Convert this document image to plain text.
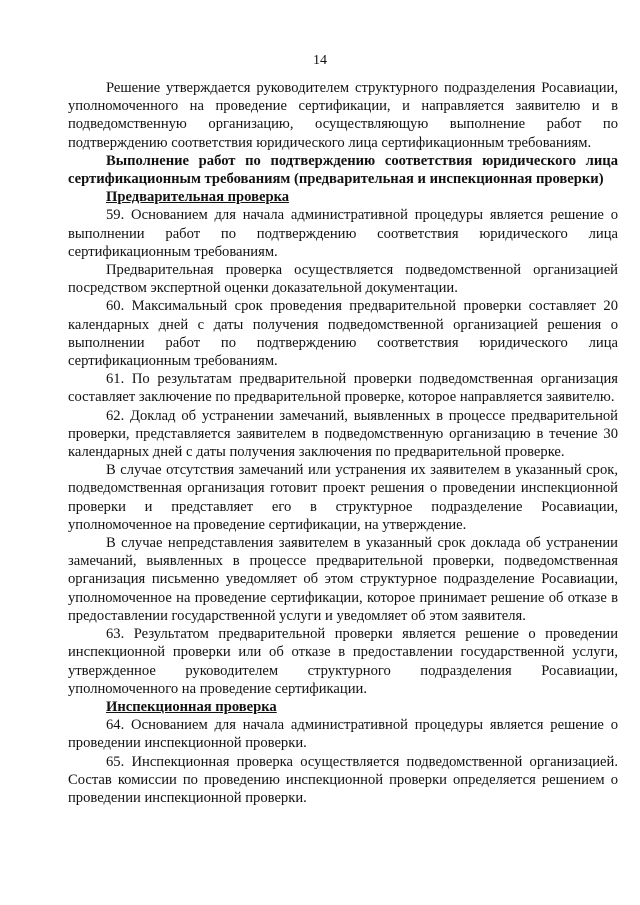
14

Решение утверждается руководителем структурного подразделения Росавиации, уполномоченного на проведение сертификации, и направляется заявителю и в подведомственную организацию, осуществляющую выполнение работ по подтверждению соответствия юридического лица сертификационным требованиям.

Выполнение работ по подтверждению соответствия юридического лица сертификационным требованиям (предварительная и инспекционная проверки)

Предварительная проверка

59. Основанием для начала административной процедуры является решение о выполнении работ по подтверждению соответствия юридического лица сертификационным требованиям.

Предварительная проверка осуществляется подведомственной организацией посредством экспертной оценки доказательной документации.

60. Максимальный срок проведения предварительной проверки составляет 20 календарных дней с даты получения подведомственной организацией решения о выполнении работ по подтверждению соответствия юридического лица сертификационным требованиям.

61. По результатам предварительной проверки подведомственная организация составляет заключение по предварительной проверке, которое направляется заявителю.

62. Доклад об устранении замечаний, выявленных в процессе предварительной проверки, представляется заявителем в подведомственную организацию в течение 30 календарных дней с даты получения заключения по предварительной проверке.

В случае отсутствия замечаний или устранения их заявителем в указанный срок, подведомственная организация готовит проект решения о проведении инспекционной проверки и представляет его в структурное подразделение Росавиации, уполномоченное на проведение сертификации, на утверждение.

В случае непредставления заявителем в указанный срок доклада об устранении замечаний, выявленных в процессе предварительной проверки, подведомственная организация письменно уведомляет об этом структурное подразделение Росавиации, уполномоченное на проведение сертификации, которое принимает решение об отказе в предоставлении государственной услуги и уведомляет об этом заявителя.

63. Результатом предварительной проверки является решение о проведении инспекционной проверки или об отказе в предоставлении государственной услуги, утвержденное руководителем структурного подразделения Росавиации, уполномоченного на проведение сертификации.

Инспекционная проверка

64. Основанием для начала административной процедуры является решение о проведении инспекционной проверки.

65. Инспекционная проверка осуществляется подведомственной организацией. Состав комиссии по проведению инспекционной проверки определяется решением о проведении инспекционной проверки.
